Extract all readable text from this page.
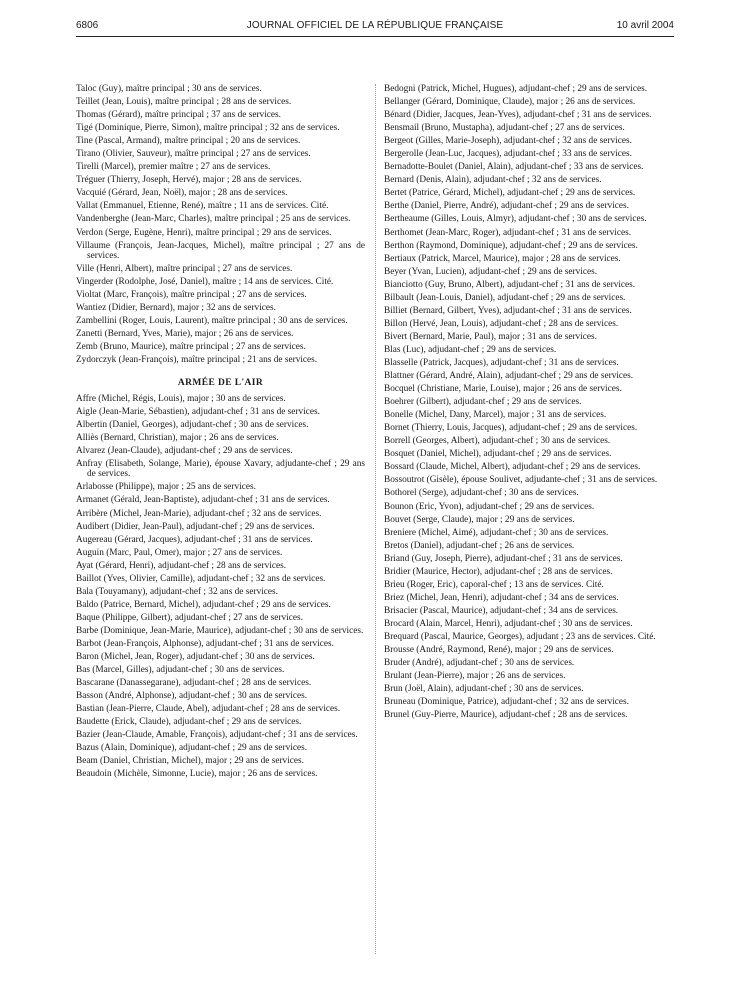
6806	JOURNAL OFFICIEL DE LA RÉPUBLIQUE FRANÇAISE	10 avril 2004

Taloc (Guy), maître principal ; 30 ans de services.

Teillet (Jean, Louis), maître principal ; 28 ans de services.

Thomas (Gérard), maître principal ; 37 ans de services.

Tigé (Dominique, Pierre, Simon), maître principal ; 32 ans de services.

Tine (Pascal, Armand), maître principal ; 20 ans de services.

Tirano (Olivier, Sauveur), maître principal ; 27 ans de services.

Tirelli (Marcel), premier maître ; 27 ans de services.

Tréguer (Thierry, Joseph, Hervé), major ; 28 ans de services.

Vacquié (Gérard, Jean, Noël), major ; 28 ans de services.

Vallat (Emmanuel, Etienne, René), maître ; 11 ans de services. Cité.

Vandenberghe (Jean-Marc, Charles), maître principal ; 25 ans de services.

Verdon (Serge, Eugène, Henri), maître principal ; 29 ans de services.

Villaume (François, Jean-Jacques, Michel), maître principal ; 27 ans de services.

Ville (Henri, Albert), maître principal ; 27 ans de services.

Vingerder (Rodolphe, José, Daniel), maître ; 14 ans de services. Cité.

Violtat (Marc, François), maître principal ; 27 ans de services.

Wantiez (Didier, Bernard), major ; 32 ans de services.

Zambellini (Roger, Louis, Laurent), maître principal ; 30 ans de services.

Zanetti (Bernard, Yves, Marie), major ; 26 ans de services.

Zemb (Bruno, Maurice), maître principal ; 27 ans de services.

Zydorczyk (Jean-François), maître principal ; 21 ans de services.

ARMÉE DE L'AIR

Affre (Michel, Régis, Louis), major ; 30 ans de services.

Aigle (Jean-Marie, Sébastien), adjudant-chef ; 31 ans de services.

Albertin (Daniel, Georges), adjudant-chef ; 30 ans de services.

Alliès (Bernard, Christian), major ; 26 ans de services.

Alvarez (Jean-Claude), adjudant-chef ; 29 ans de services.

Anfray (Elisabeth, Solange, Marie), épouse Xavary, adjudante-chef ; 29 ans de services.

Arlabosse (Philippe), major ; 25 ans de services.

Armanet (Gérald, Jean-Baptiste), adjudant-chef ; 31 ans de services.

Arribère (Michel, Jean-Marie), adjudant-chef ; 32 ans de services.

Audibert (Didier, Jean-Paul), adjudant-chef ; 29 ans de services.

Augereau (Gérard, Jacques), adjudant-chef ; 31 ans de services.

Auguin (Marc, Paul, Omer), major ; 27 ans de services.

Ayat (Gérard, Henri), adjudant-chef ; 28 ans de services.

Baillot (Yves, Olivier, Camille), adjudant-chef ; 32 ans de services.

Bala (Touyamany), adjudant-chef ; 32 ans de services.

Baldo (Patrice, Bernard, Michel), adjudant-chef ; 29 ans de services.

Baque (Philippe, Gilbert), adjudant-chef ; 27 ans de services.

Barbe (Dominique, Jean-Marie, Maurice), adjudant-chef ; 30 ans de services.

Barbot (Jean-François, Alphonse), adjudant-chef ; 31 ans de services.

Baron (Michel, Jean, Roger), adjudant-chef ; 30 ans de services.

Bas (Marcel, Gilles), adjudant-chef ; 30 ans de services.

Bascarane (Danassegarane), adjudant-chef ; 28 ans de services.

Basson (André, Alphonse), adjudant-chef ; 30 ans de services.

Bastian (Jean-Pierre, Claude, Abel), adjudant-chef ; 28 ans de services.

Baudette (Erick, Claude), adjudant-chef ; 29 ans de services.

Bazier (Jean-Claude, Amable, François), adjudant-chef ; 31 ans de services.

Bazus (Alain, Dominique), adjudant-chef ; 29 ans de services.

Beam (Daniel, Christian, Michel), major ; 29 ans de services.

Beaudoin (Michèle, Simonne, Lucie), major ; 26 ans de services.

Bedogni (Patrick, Michel, Hugues), adjudant-chef ; 29 ans de services.

Bellanger (Gérard, Dominique, Claude), major ; 26 ans de services.

Bénard (Didier, Jacques, Jean-Yves), adjudant-chef ; 31 ans de services.

Bensmail (Bruno, Mustapha), adjudant-chef ; 27 ans de services.

Bergeot (Gilles, Marie-Joseph), adjudant-chef ; 32 ans de services.

Bergerolle (Jean-Luc, Jacques), adjudant-chef ; 33 ans de services.

Bernadotte-Boulet (Daniel, Alain), adjudant-chef ; 33 ans de services.

Bernard (Denis, Alain), adjudant-chef ; 32 ans de services.

Bertet (Patrice, Gérard, Michel), adjudant-chef ; 29 ans de services.

Berthe (Daniel, Pierre, André), adjudant-chef ; 29 ans de services.

Bertheaume (Gilles, Louis, Almyr), adjudant-chef ; 30 ans de services.

Berthomet (Jean-Marc, Roger), adjudant-chef ; 31 ans de services.

Berthon (Raymond, Dominique), adjudant-chef ; 29 ans de services.

Bertiaux (Patrick, Marcel, Maurice), major ; 28 ans de services.

Beyer (Yvan, Lucien), adjudant-chef ; 29 ans de services.

Bianciotto (Guy, Bruno, Albert), adjudant-chef ; 31 ans de services.

Bilbault (Jean-Louis, Daniel), adjudant-chef ; 29 ans de services.

Billiet (Bernard, Gilbert, Yves), adjudant-chef ; 31 ans de services.

Billon (Hervé, Jean, Louis), adjudant-chef ; 28 ans de services.

Bivert (Bernard, Marie, Paul), major ; 31 ans de services.

Blas (Luc), adjudant-chef ; 29 ans de services.

Blasselle (Patrick, Jacques), adjudant-chef ; 31 ans de services.

Blattner (Gérard, André, Alain), adjudant-chef ; 29 ans de services.

Bocquel (Christiane, Marie, Louise), major ; 26 ans de services.

Boehrer (Gilbert), adjudant-chef ; 29 ans de services.

Bonelle (Michel, Dany, Marcel), major ; 31 ans de services.

Bornet (Thierry, Louis, Jacques), adjudant-chef ; 29 ans de services.

Borrell (Georges, Albert), adjudant-chef ; 30 ans de services.

Bosquet (Daniel, Michel), adjudant-chef ; 29 ans de services.

Bossard (Claude, Michel, Albert), adjudant-chef ; 29 ans de services.

Bossoutrot (Gisèle), épouse Soulivet, adjudante-chef ; 31 ans de services.

Bothorel (Serge), adjudant-chef ; 30 ans de services.

Bounon (Eric, Yvon), adjudant-chef ; 29 ans de services.

Bouvet (Serge, Claude), major ; 29 ans de services.

Breniere (Michel, Aimé), adjudant-chef ; 30 ans de services.

Bretos (Daniel), adjudant-chef ; 26 ans de services.

Briand (Guy, Joseph, Pierre), adjudant-chef ; 31 ans de services.

Bridier (Maurice, Hector), adjudant-chef ; 28 ans de services.

Brieu (Roger, Eric), caporal-chef ; 13 ans de services. Cité.

Briez (Michel, Jean, Henri), adjudant-chef ; 34 ans de services.

Brisacier (Pascal, Maurice), adjudant-chef ; 34 ans de services.

Brocard (Alain, Marcel, Henri), adjudant-chef ; 30 ans de services.

Brequard (Pascal, Maurice, Georges), adjudant ; 23 ans de services. Cité.

Brousse (André, Raymond, René), major ; 29 ans de services.

Bruder (André), adjudant-chef ; 30 ans de services.

Brulant (Jean-Pierre), major ; 26 ans de services.

Brun (Joël, Alain), adjudant-chef ; 30 ans de services.

Bruneau (Dominique, Patrice), adjudant-chef ; 32 ans de services.

Brunel (Guy-Pierre, Maurice), adjudant-chef ; 28 ans de services.
